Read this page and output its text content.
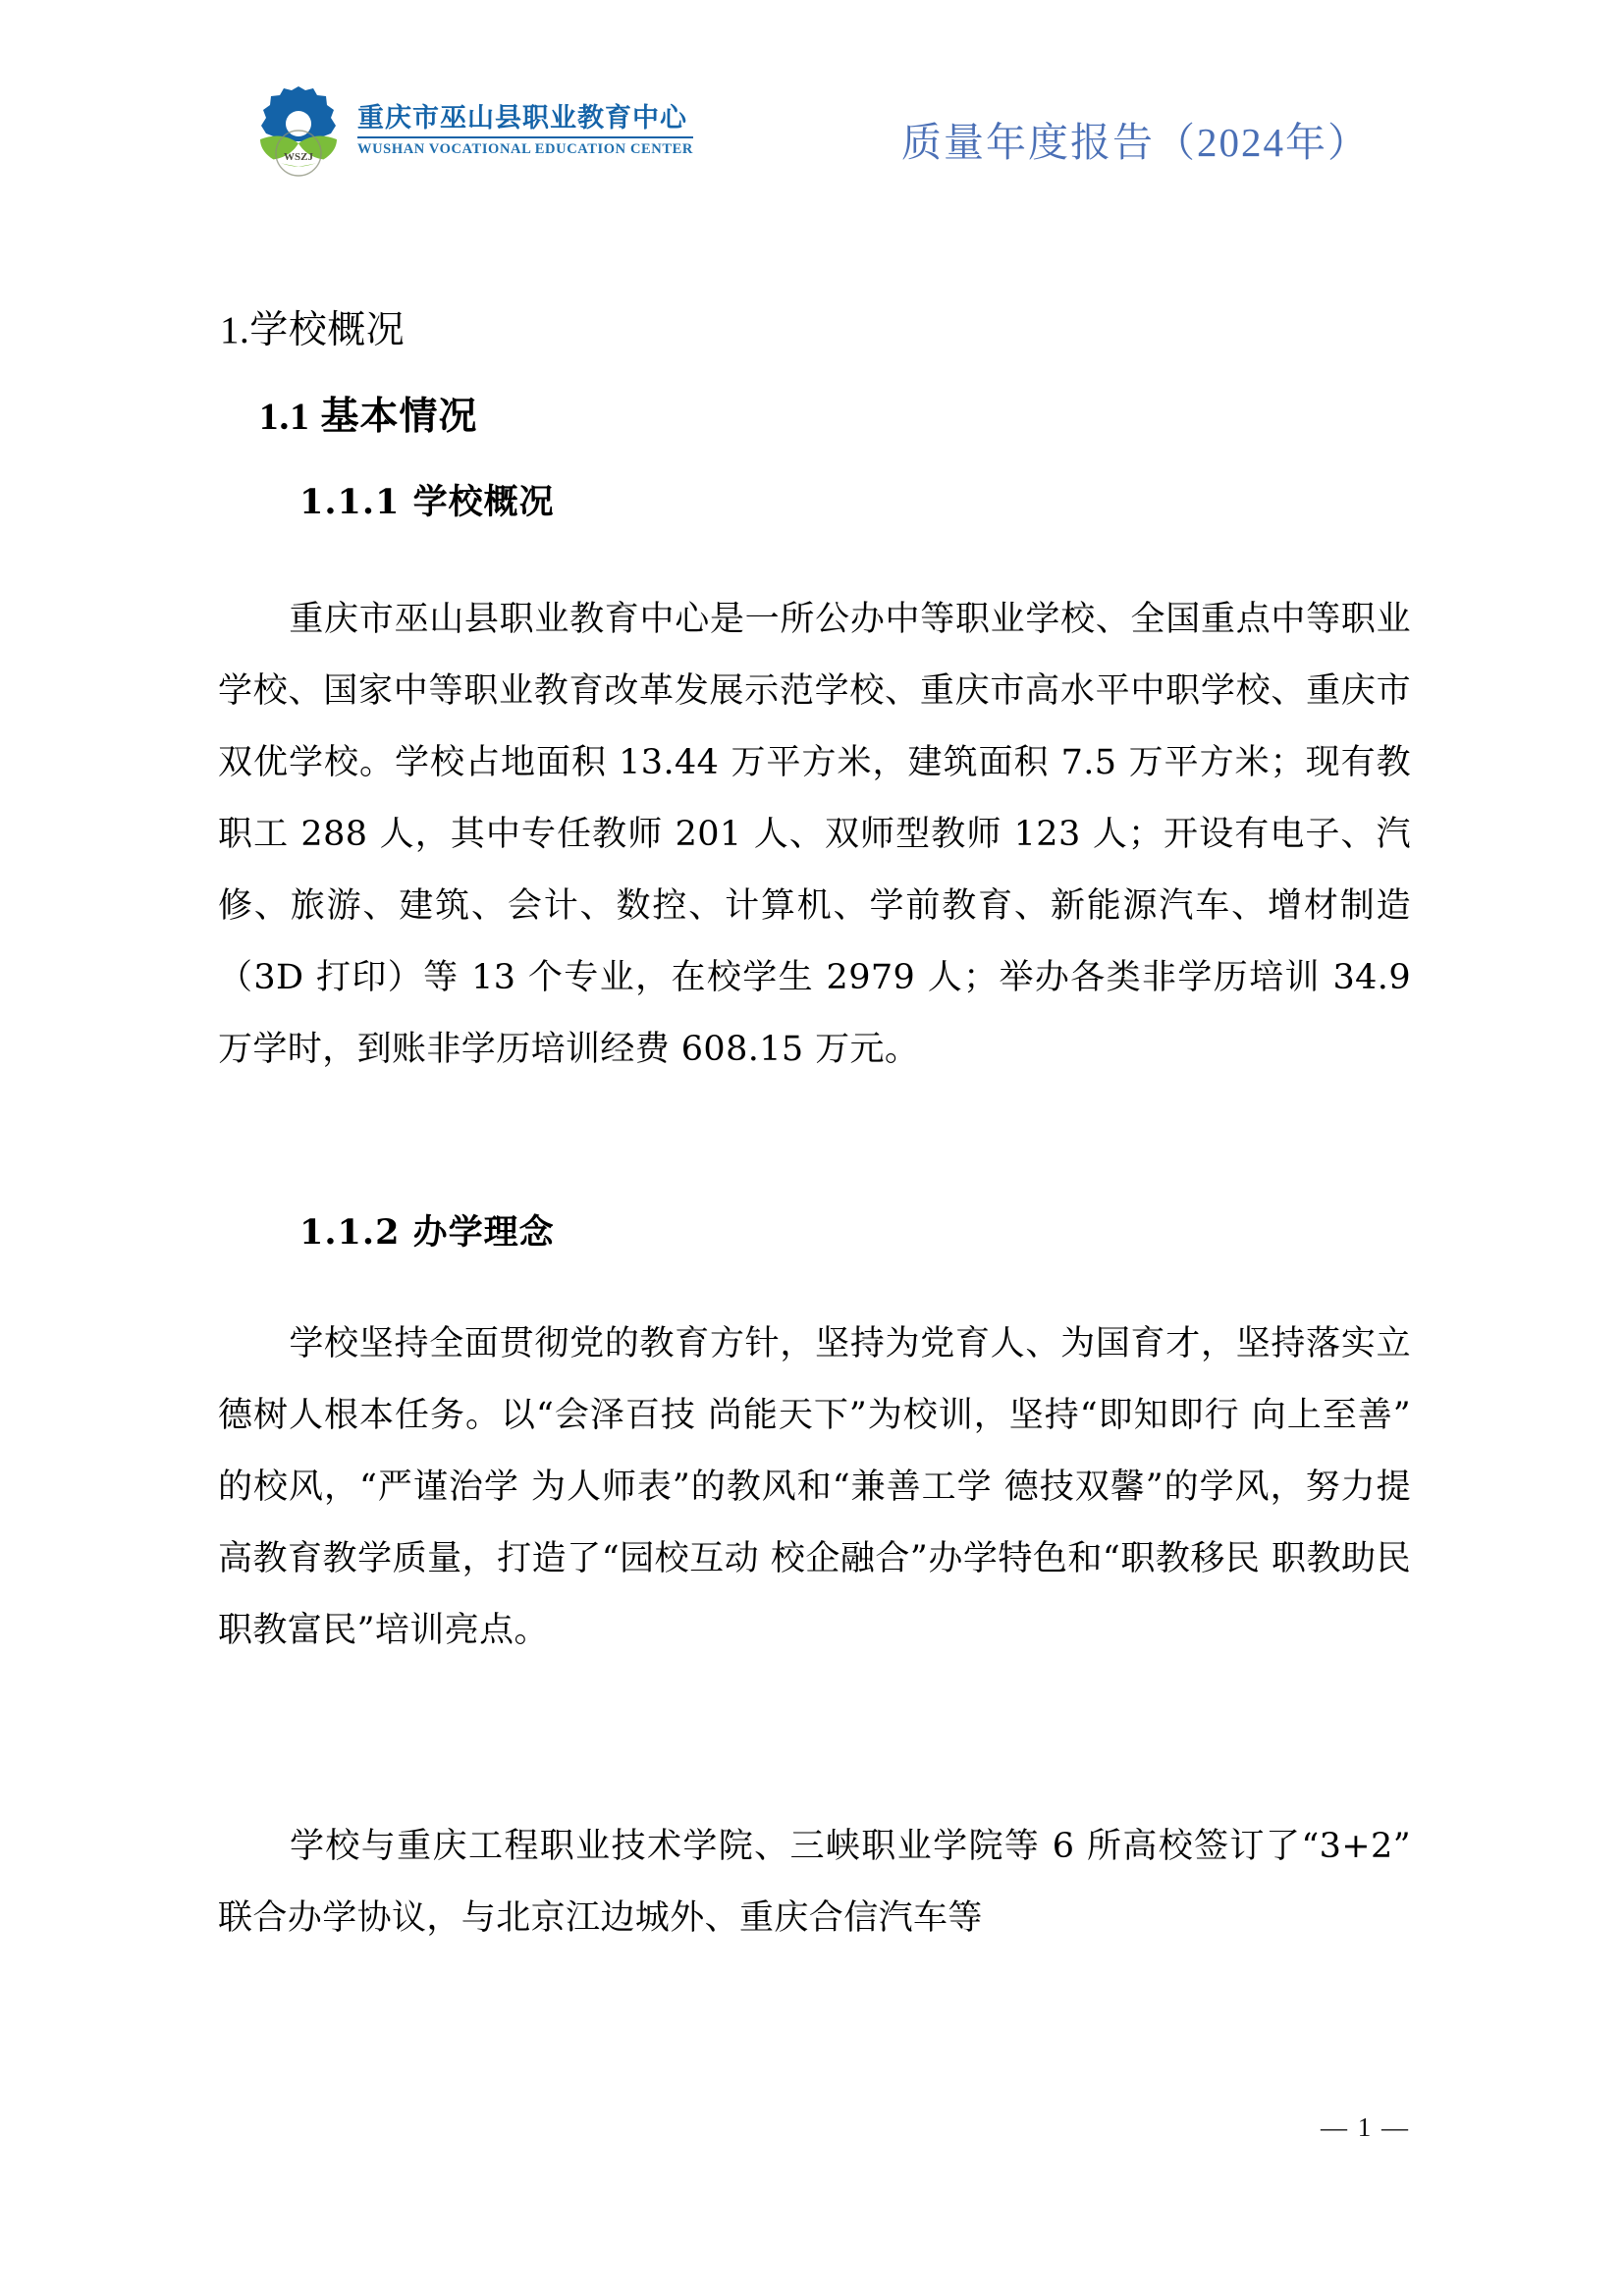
WSZJ
重庆市巫山县职业教育中心
WUSHAN VOCATIONAL EDUCATION CENTER	质量年度报告（2024年）
1.学校概况
1.1 基本情况
1.1.1 学校概况

重庆市巫山县职业教育中心是一所公办中等职业学校、全国重点中等职业学校、国家中等职业教育改革发展示范学校、重庆市高水平中职学校、重庆市双优学校。学校占地面积 13.44 万平方米，建筑面积 7.5 万平方米；现有教职工 288 人，其中专任教师 201 人、双师型教师 123 人；开设有电子、汽修、旅游、建筑、会计、数控、计算机、学前教育、新能源汽车、增材制造（3D 打印）等 13 个专业，在校学生 2979 人；举办各类非学历培训 34.9 万学时，到账非学历培训经费 608.15 万元。

1.1.2 办学理念

学校坚持全面贯彻党的教育方针，坚持为党育人、为国育才，坚持落实立德树人根本任务。以“会泽百技 尚能天下”为校训，坚持“即知即行 向上至善”的校风，“严谨治学 为人师表”的教风和“兼善工学 德技双馨”的学风，努力提高教育教学质量，打造了“园校互动 校企融合”办学特色和“职教移民 职教助民 职教富民”培训亮点。

学校与重庆工程职业技术学院、三峡职业学院等 6 所高校签订了“3+2”联合办学协议，与北京江边城外、重庆合信汽车等

— 1 —
